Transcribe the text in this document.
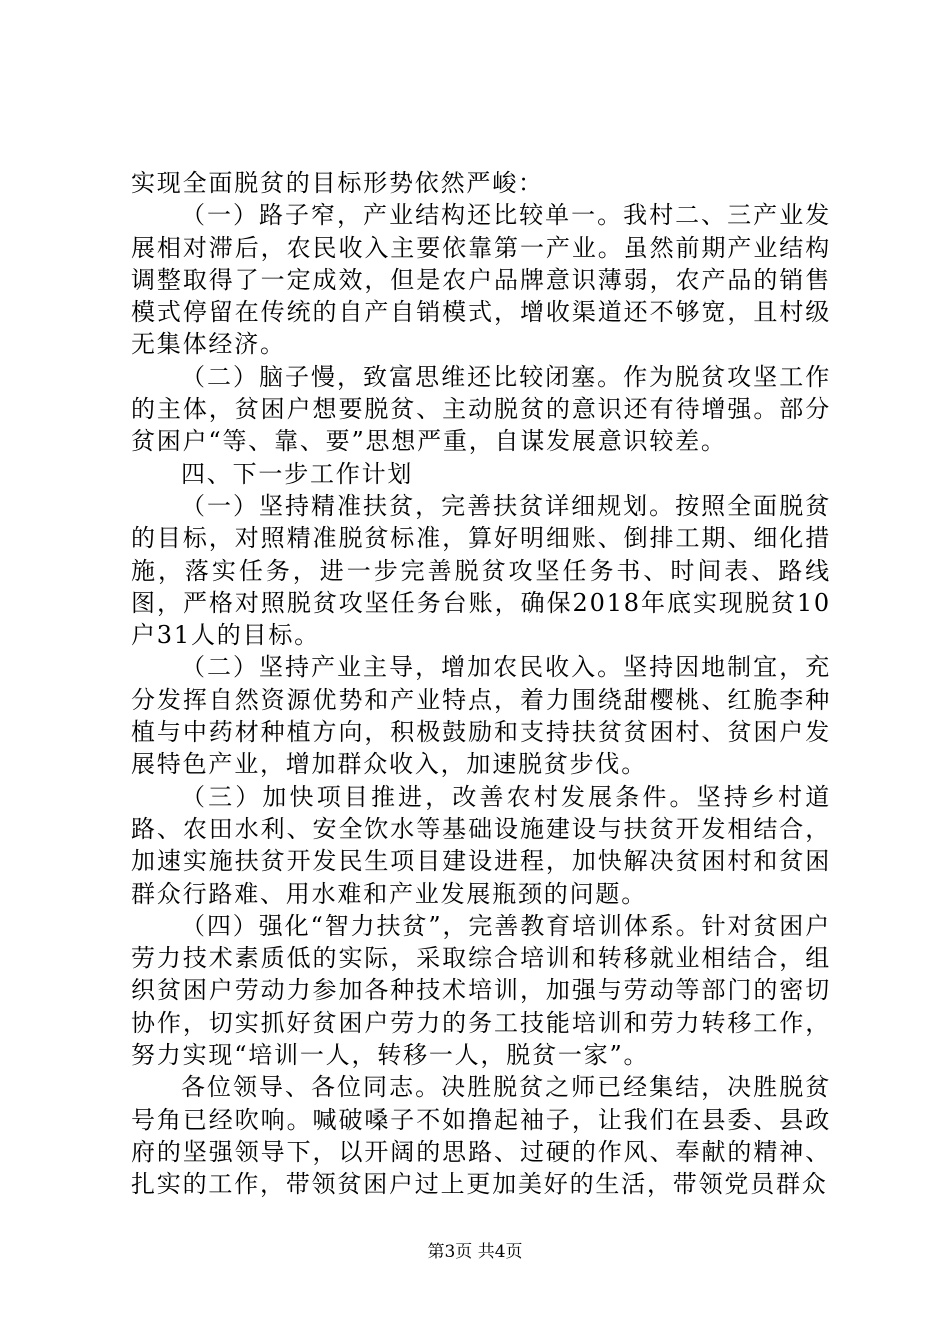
实现全面脱贫的目标形势依然严峻：

（一）路子窄，产业结构还比较单一。我村二、三产业发展相对滞后，农民收入主要依靠第一产业。虽然前期产业结构调整取得了一定成效，但是农户品牌意识薄弱，农产品的销售模式停留在传统的自产自销模式，增收渠道还不够宽，且村级无集体经济。

（二）脑子慢，致富思维还比较闭塞。作为脱贫攻坚工作的主体，贫困户想要脱贫、主动脱贫的意识还有待增强。部分贫困户“等、靠、要”思想严重，自谋发展意识较差。

四、下一步工作计划

（一）坚持精准扶贫，完善扶贫详细规划。按照全面脱贫的目标，对照精准脱贫标准，算好明细账、倒排工期、细化措施，落实任务，进一步完善脱贫攻坚任务书、时间表、路线图，严格对照脱贫攻坚任务台账，确保2018年底实现脱贫10户31人的目标。

（二）坚持产业主导，增加农民收入。坚持因地制宜，充分发挥自然资源优势和产业特点，着力围绕甜樱桃、红脆李种植与中药材种植方向，积极鼓励和支持扶贫贫困村、贫困户发展特色产业，增加群众收入，加速脱贫步伐。

（三）加快项目推进，改善农村发展条件。坚持乡村道路、农田水利、安全饮水等基础设施建设与扶贫开发相结合，加速实施扶贫开发民生项目建设进程，加快解决贫困村和贫困群众行路难、用水难和产业发展瓶颈的问题。

（四）强化“智力扶贫”，完善教育培训体系。针对贫困户劳力技术素质低的实际，采取综合培训和转移就业相结合，组织贫困户劳动力参加各种技术培训，加强与劳动等部门的密切协作，切实抓好贫困户劳力的务工技能培训和劳力转移工作，努力实现“培训一人，转移一人，脱贫一家”。

各位领导、各位同志。决胜脱贫之师已经集结，决胜脱贫号角已经吹响。喊破嗓子不如撸起袖子，让我们在县委、县政府的坚强领导下，以开阔的思路、过硬的作风、奉献的精神、扎实的工作，带领贫困户过上更加美好的生活，带领党员群众

第3页 共4页
